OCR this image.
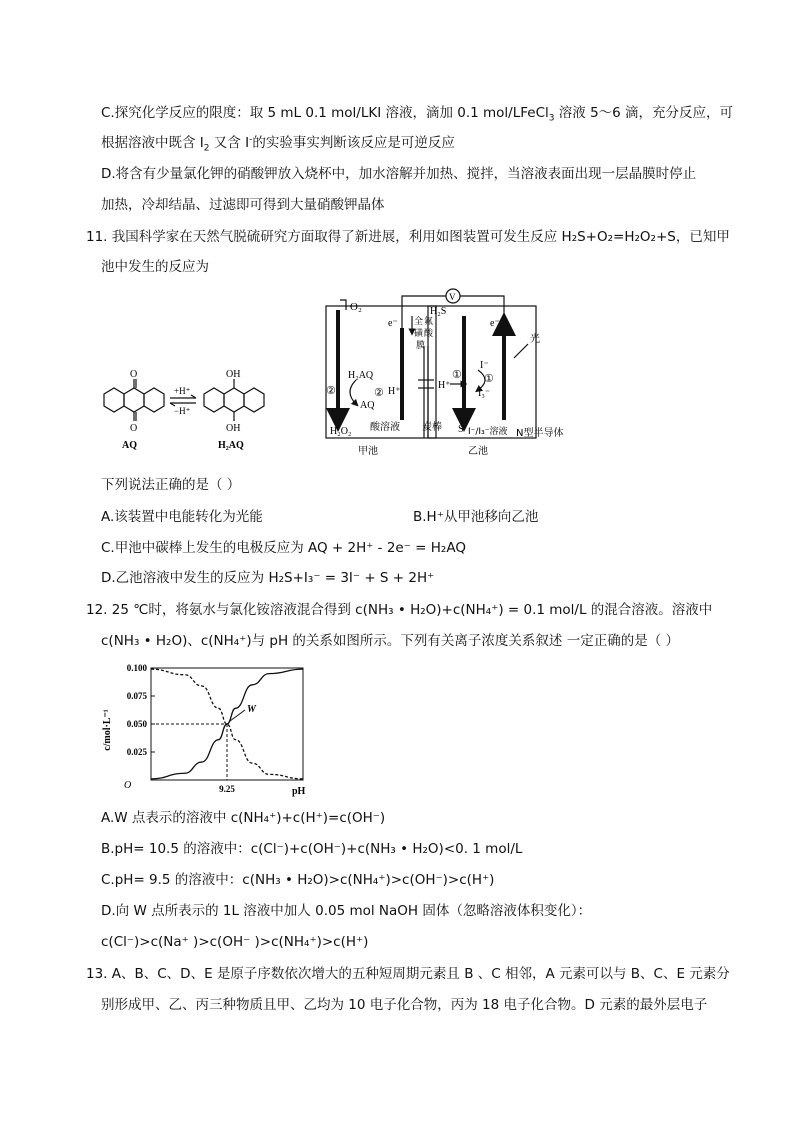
C.探究化学反应的限度：取 5 mL 0.1 mol/LKI 溶液，滴加 0.1 mol/LFeCl$_3$ 溶液 5～6 滴，充分反应，可
根据溶液中既含 $I_2$ 又含 I-的实验事实判断该反应是可逆反应
D.将含有少量氯化钾的硝酸钾放入烧杯中，加水溶解并加热、搅拌，当溶液表面出现一层晶膜时停止
加热，冷却结晶、过滤即可得到大量硝酸钾晶体
11. 我国科学家在天然气脱硫研究方面取得了新进展，利用如图装置可发生反应 H₂S+O₂=H₂O₂+S，已知甲
池中发生的反应为
O
O
AQ
OH
OH
H₂AQ
+H⁺
−H⁺
O₂
e⁻
②
H₂AQ
AQ
② H⁺
H₂O₂ 酸溶液 炭棒
全 氟
磺 酸
膜
甲池
V
H₂S
H⁺
①
I⁻
①
I₃⁻
S I⁻/I₃⁻溶液
e⁻
光
N型半导体
乙池
下列说法正确的是（ ）
A.该装置中电能转化为光能	B.H⁺从甲池移向乙池
C.甲池中碳棒上发生的电极反应为 AQ + 2H⁺ - 2e⁻ = H₂AQ
D.乙池溶液中发生的反应为 H₂S+I₃⁻ = 3I⁻ + S + 2H⁺
12. 25 ℃时，将氨水与氯化铵溶液混合得到 c(NH₃ • H₂O)+c(NH₄⁺) = 0.1 mol/L 的混合溶液。溶液中
c(NH₃ • H₂O)、c(NH₄⁺)与 pH 的关系如图所示。下列有关离子浓度关系叙述 一定正确的是（ ）
0.100
0.075
0.050
0.025
9.25
c/mol·L⁻¹
pH
O
W
A.W 点表示的溶液中 c(NH₄⁺)+c(H⁺)=c(OH⁻)
B.pH= 10.5 的溶液中：c(Cl⁻)+c(OH⁻)+c(NH₃ • H₂O)<0. 1 mol/L
C.pH= 9.5 的溶液中：c(NH₃ • H₂O)>c(NH₄⁺)>c(OH⁻)>c(H⁺)
D.向 W 点所表示的 1L 溶液中加人 0.05 mol NaOH 固体（忽略溶液体积变化）：
c(Cl⁻)>c(Na⁺ )>c(OH⁻ )>c(NH₄⁺)>c(H⁺)
13. A、B、C、D、E 是原子序数依次增大的五种短周期元素且 B 、C 相邻，A 元素可以与 B、C、E 元素分
别形成甲、乙、丙三种物质且甲、乙均为 10 电子化合物，丙为 18 电子化合物。D 元素的最外层电子
